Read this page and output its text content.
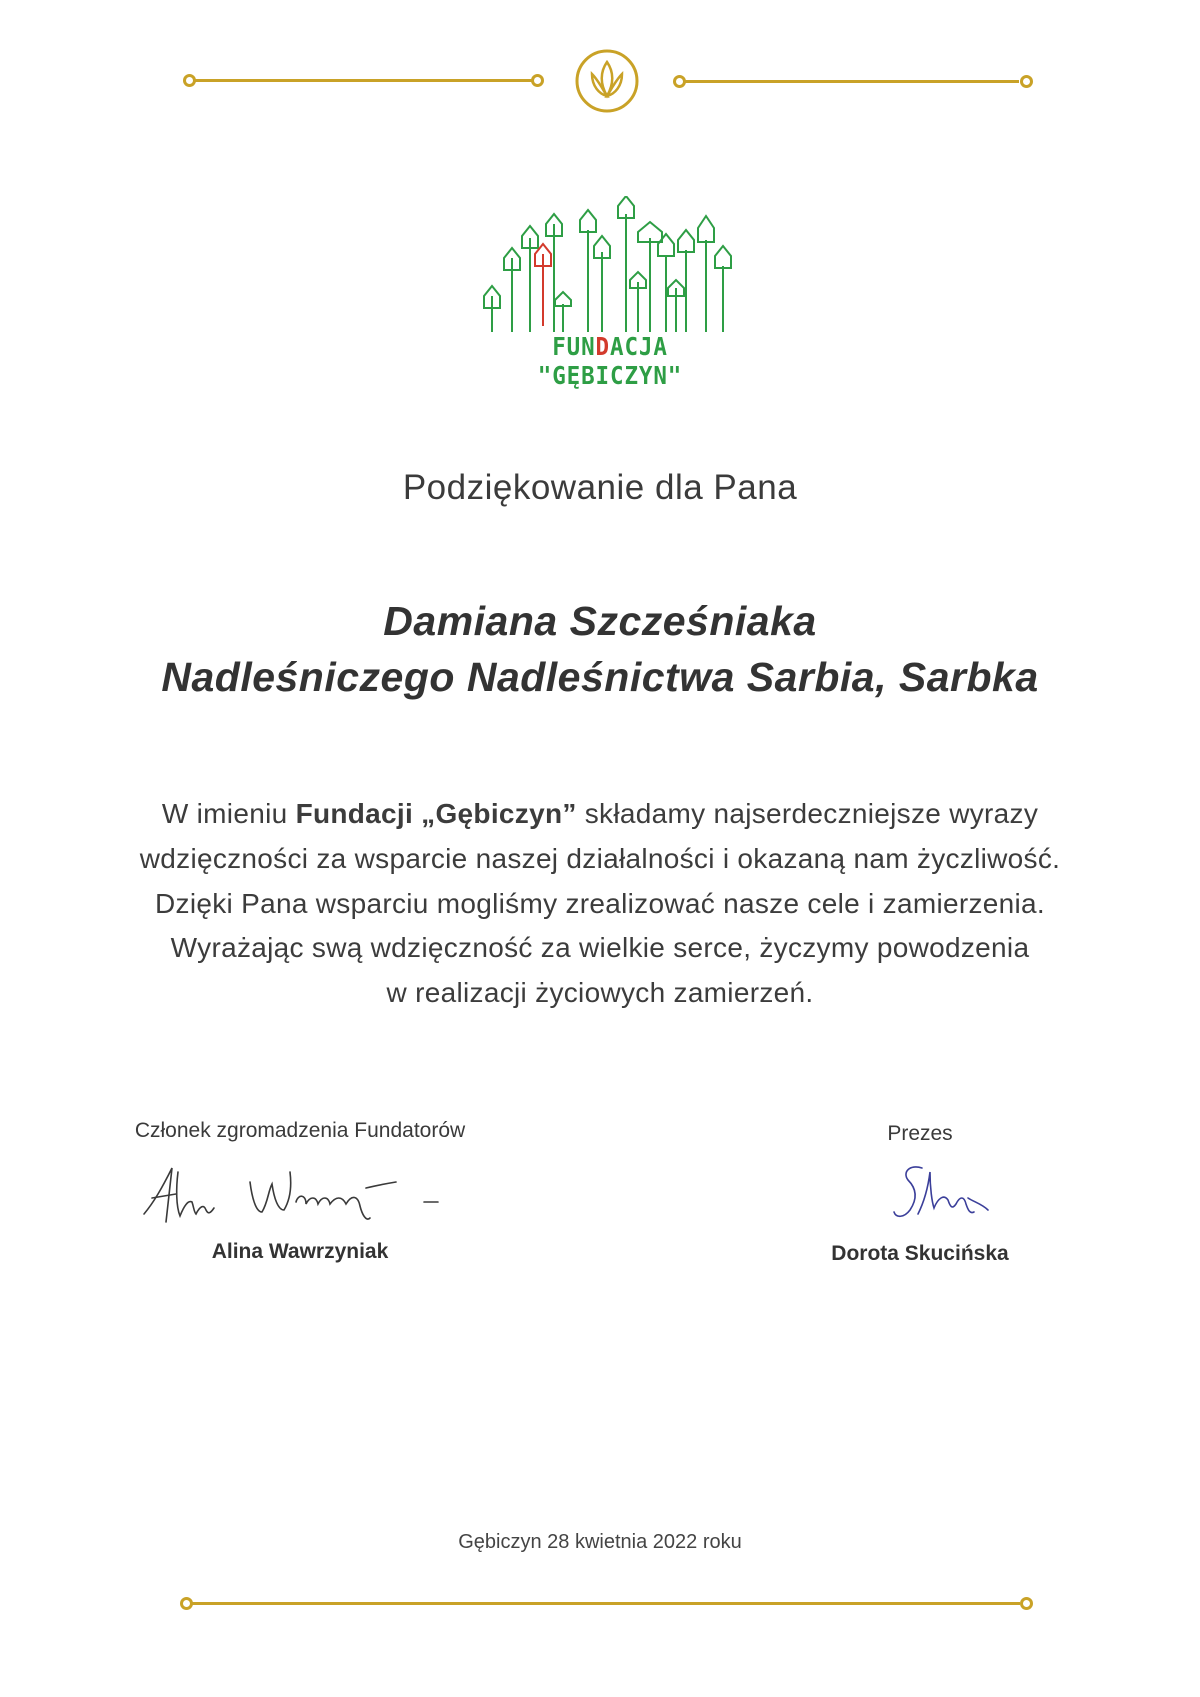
FUNDACJA "GĘBICZYN"
Podziękowanie dla Pana
Damiana Szcześniaka
Nadleśniczego Nadleśnictwa Sarbia, Sarbka
W imieniu Fundacji „Gębiczyn” składamy najserdeczniejsze wyrazy
wdzięczności za wsparcie naszej działalności i okazaną nam życzliwość.
Dzięki Pana wsparciu mogliśmy zrealizować nasze cele i zamierzenia.
Wyrażając swą wdzięczność za wielkie serce, życzymy powodzenia
w realizacji życiowych zamierzeń.
Członek zgromadzenia Fundatorów
Alina Wawrzyniak
Prezes
Dorota Skucińska
Gębiczyn 28 kwietnia 2022 roku
